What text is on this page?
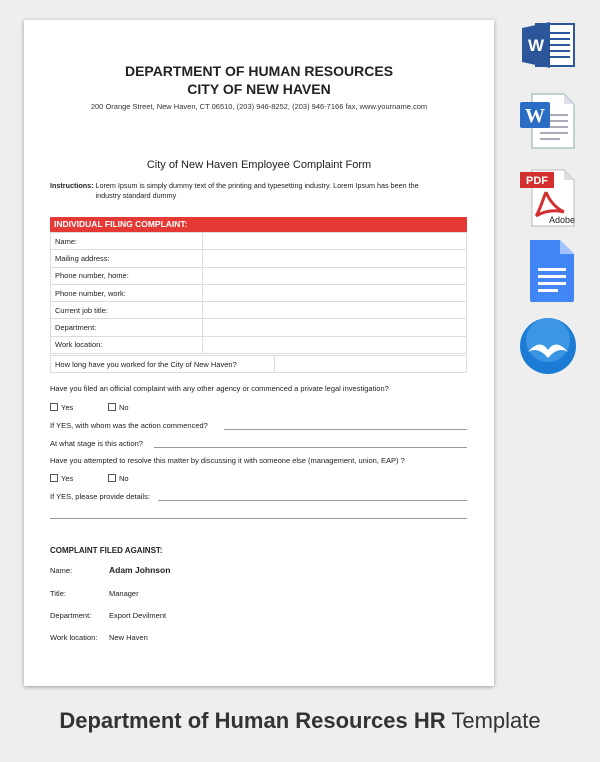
DEPARTMENT OF HUMAN RESOURCES
CITY OF NEW HAVEN
200 Orange Street, New Haven, CT 06510, (203) 946-8252, (203) 946-7166 fax, www.yourname.com
City of New Haven Employee Complaint Form
Instructions: Lorem Ipsum is simply dummy text of the printing and typesetting industry. Lorem Ipsum has been the industry standard dummy
INDIVIDUAL FILING COMPLAINT:
Name:	
Mailing address:	
Phone number, home:	
Phone number, work:	
Current job title:	
Department:	
Work location:	
How long have you worked for the City of New Haven?	
Have you filed an official complaint with any other agency or commenced a private legal investigation?
Yes	No
If YES, with whom was the action commenced?
At what stage is this action?
Have you attempted to resolve this matter by discussing it with someone else (management, union, EAP) ?
Yes	No
If YES, please provide details:
COMPLAINT FILED AGAINST:
Name:	Adam Johnson
Title:	Manager
Department: Export Devilment
Work location: New Haven
W
W
PDF
Adobe
Department of Human Resources HR Template
